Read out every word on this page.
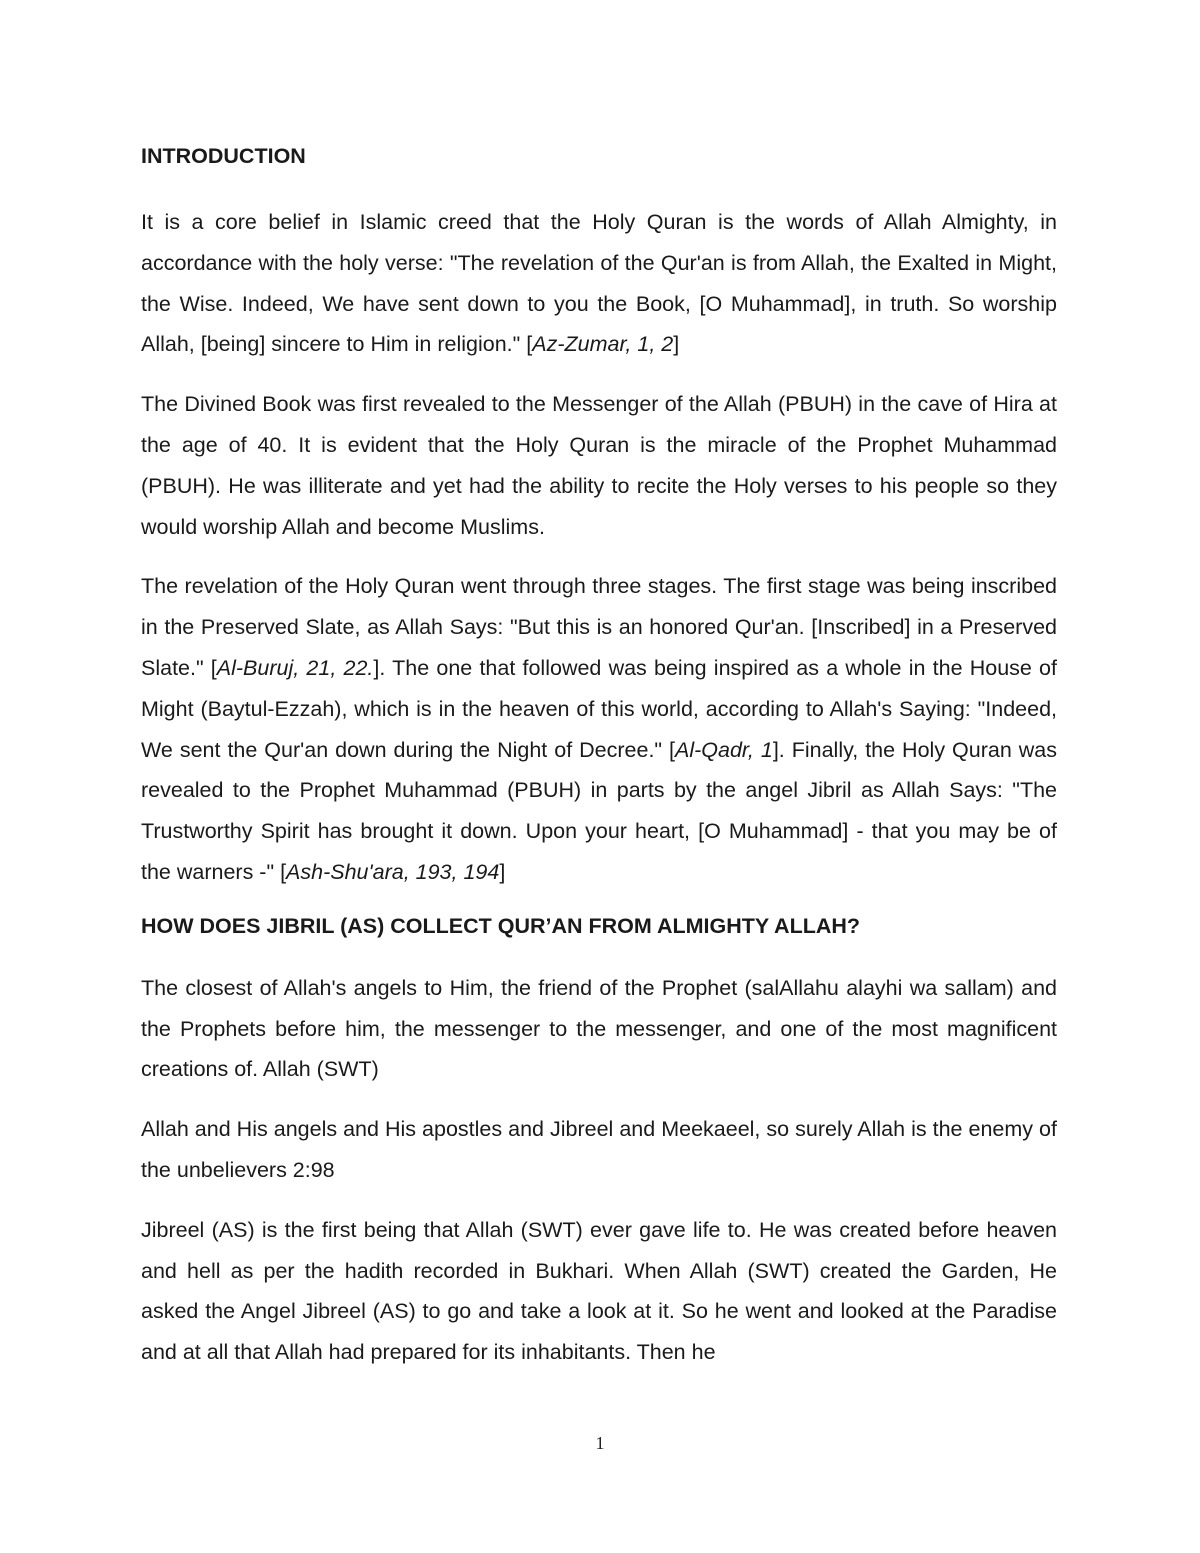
INTRODUCTION

It is a core belief in Islamic creed that the Holy Quran is the words of Allah Almighty, in accordance with the holy verse: "The revelation of the Qur'an is from Allah, the Exalted in Might, the Wise. Indeed, We have sent down to you the Book, [O Muhammad], in truth. So worship Allah, [being] sincere to Him in religion." [Az-Zumar, 1, 2]

The Divined Book was first revealed to the Messenger of the Allah (PBUH) in the cave of Hira at the age of 40. It is evident that the Holy Quran is the miracle of the Prophet Muhammad (PBUH). He was illiterate and yet had the ability to recite the Holy verses to his people so they would worship Allah and become Muslims.

The revelation of the Holy Quran went through three stages. The first stage was being inscribed in the Preserved Slate, as Allah Says: "But this is an honored Qur'an. [Inscribed] in a Preserved Slate." [Al-Buruj, 21, 22.]. The one that followed was being inspired as a whole in the House of Might (Baytul-Ezzah), which is in the heaven of this world, according to Allah's Saying: "Indeed, We sent the Qur'an down during the Night of Decree." [Al-Qadr, 1]. Finally, the Holy Quran was revealed to the Prophet Muhammad (PBUH) in parts by the angel Jibril as Allah Says: "The Trustworthy Spirit has brought it down. Upon your heart, [O Muhammad] - that you may be of the warners -" [Ash-Shu'ara, 193, 194]

HOW DOES JIBRIL (AS) COLLECT QUR’AN FROM ALMIGHTY ALLAH?

The closest of Allah's angels to Him, the friend of the Prophet (salAllahu alayhi wa sallam) and the Prophets before him, the messenger to the messenger, and one of the most magnificent creations of. Allah (SWT)

Allah and His angels and His apostles and Jibreel and Meekaeel, so surely Allah is the enemy of the unbelievers 2:98

Jibreel (AS) is the first being that Allah (SWT) ever gave life to. He was created before heaven and hell as per the hadith recorded in Bukhari. When Allah (SWT) created the Garden, He asked the Angel Jibreel (AS) to go and take a look at it. So he went and looked at the Paradise and at all that Allah had prepared for its inhabitants. Then he

1
